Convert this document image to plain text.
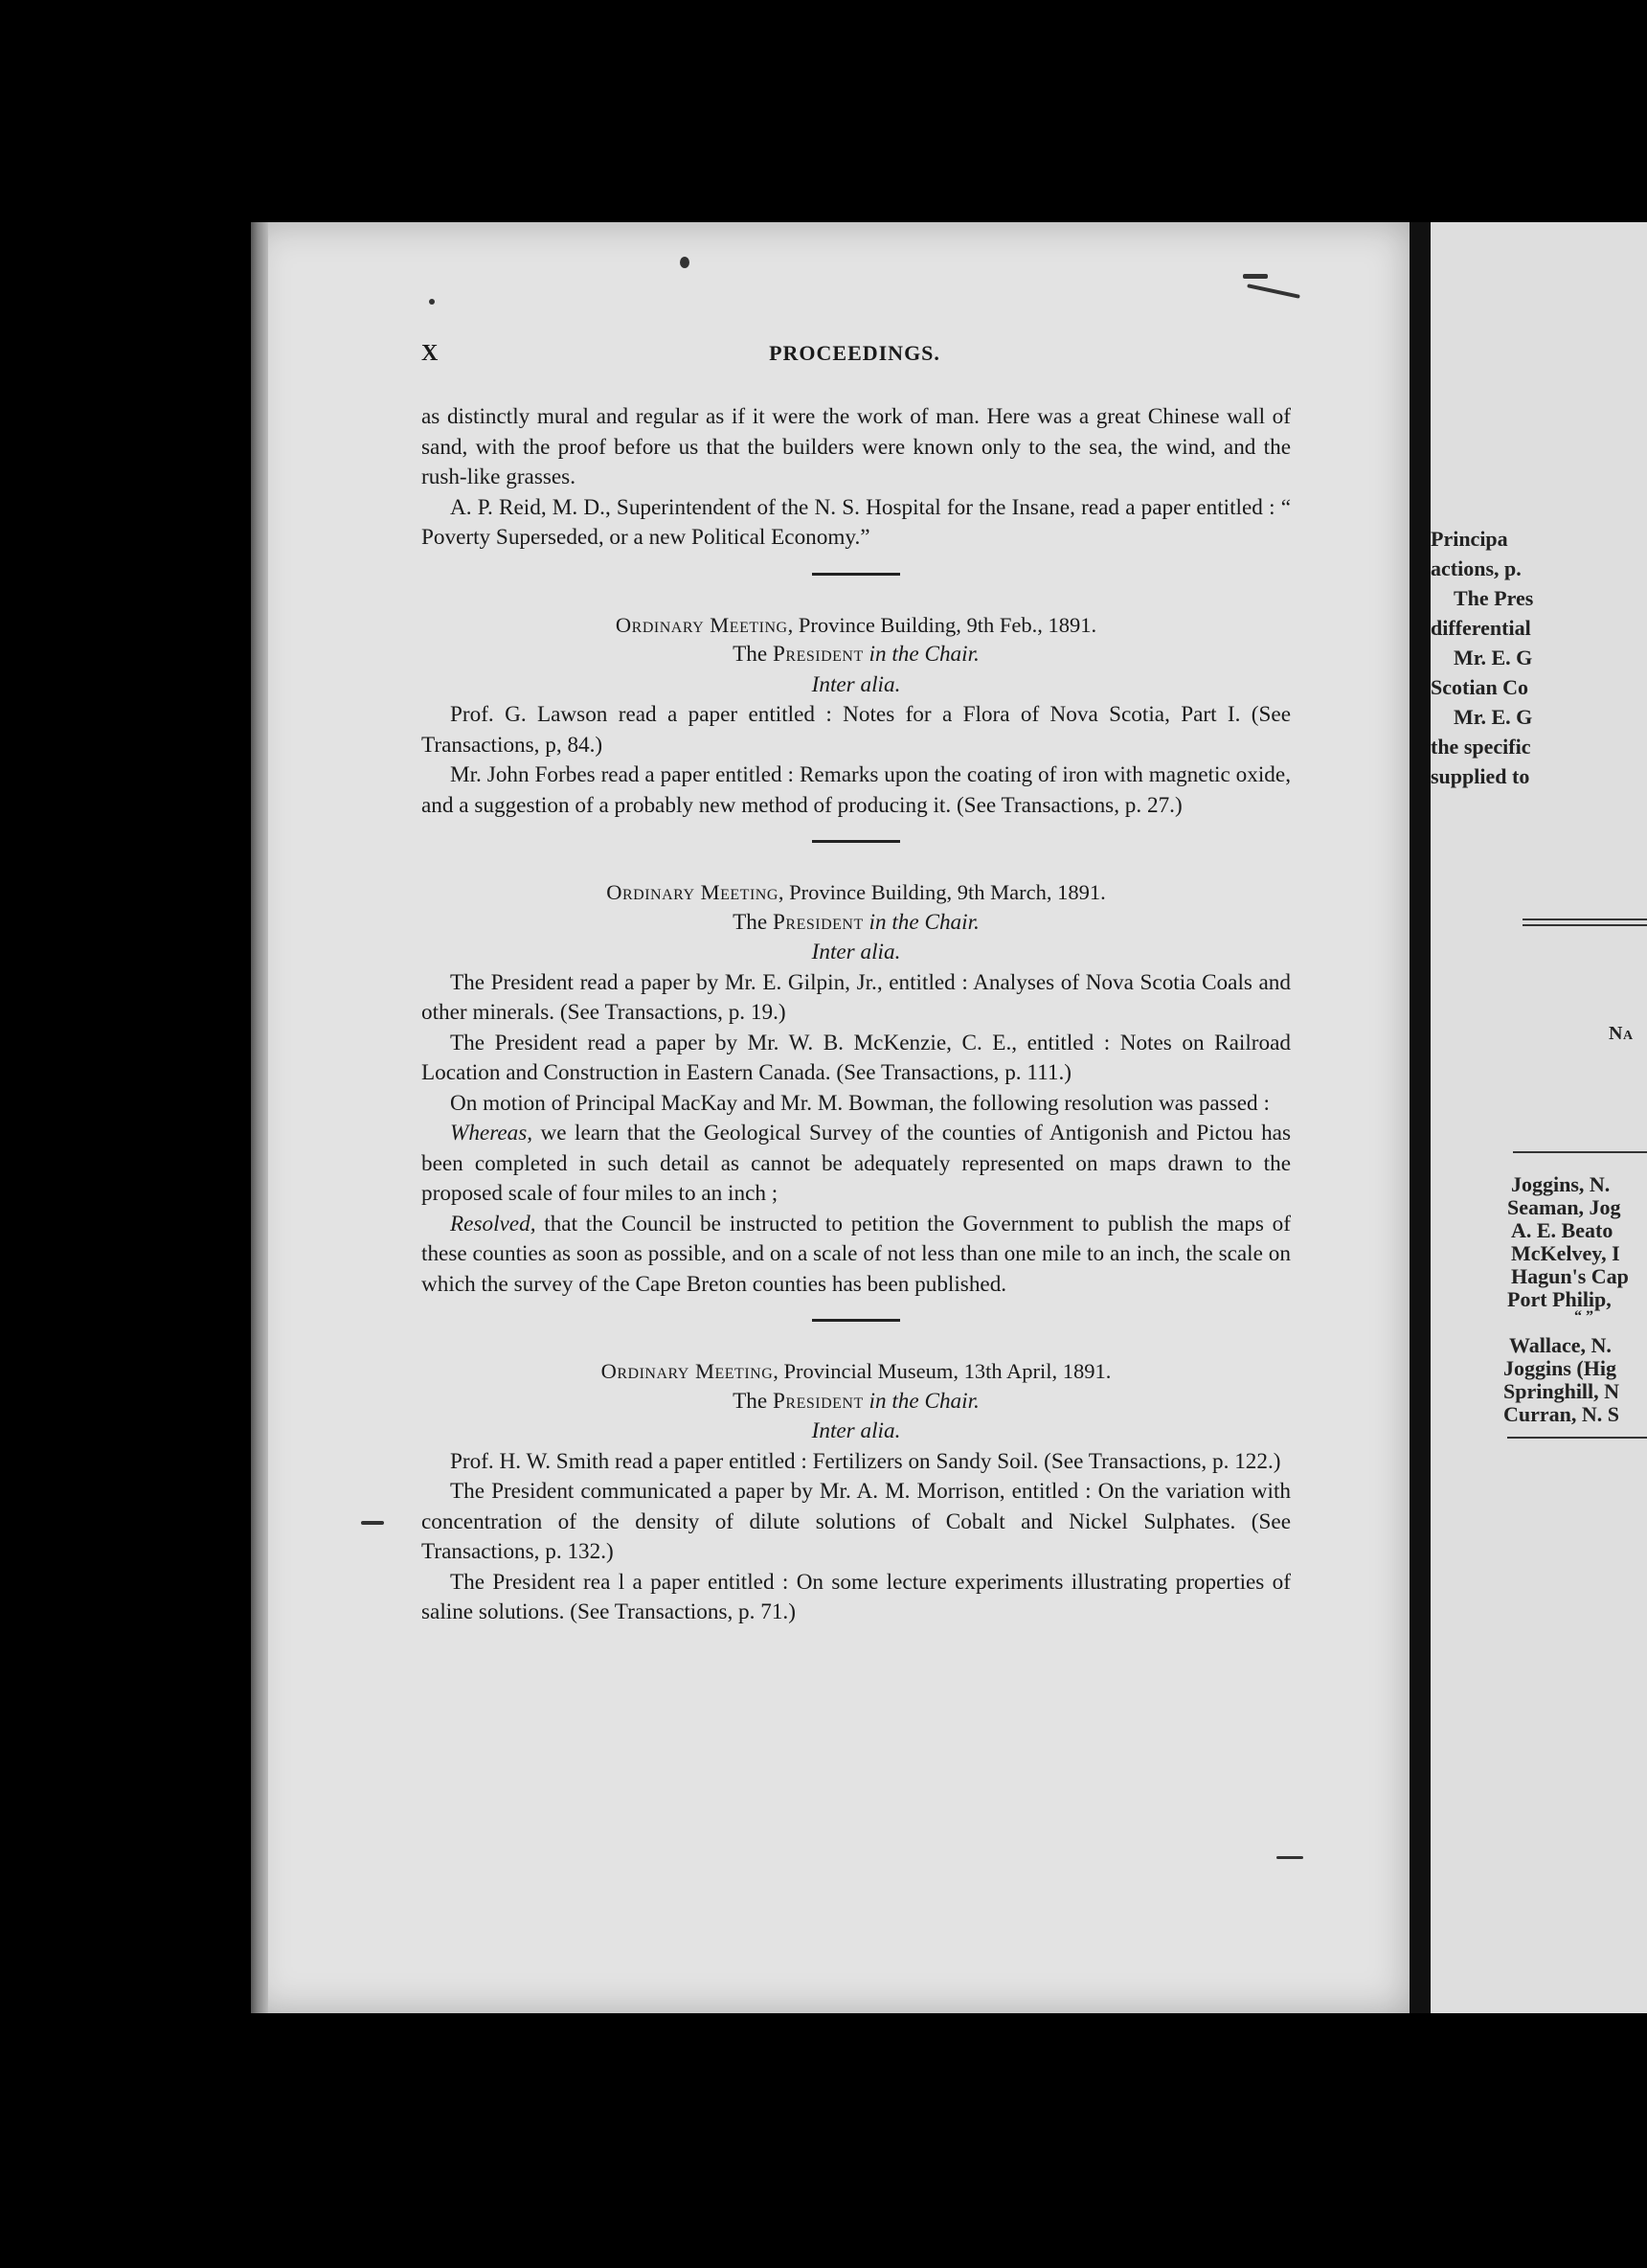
Principa
actions, p.
The Pres
differential
Mr. E. G
Scotian Co
Mr. E. G
the specific
supplied to
Na
Joggins, N.
Seaman, Jog
A. E. Beato
McKelvey, I
Hagun's Cap
Port Philip,
“ ”
Wallace, N.
Joggins (Hig
Springhill, N
Curran, N. S
X	PROCEEDINGS.

as distinctly mural and regular as if it were the work of man. Here was a great Chinese wall of sand, with the proof before us that the builders were known only to the sea, the wind, and the rush-like grasses.

A. P. Reid, M. D., Superintendent of the N. S. Hospital for the Insane, read a paper entitled : “ Poverty Superseded, or a new Political Economy.”

Ordinary Meeting, Province Building, 9th Feb., 1891.
The President in the Chair.
Inter alia.

Prof. G. Lawson read a paper entitled : Notes for a Flora of Nova Scotia, Part I. (See Transactions, p, 84.)

Mr. John Forbes read a paper entitled : Remarks upon the coating of iron with magnetic oxide, and a suggestion of a probably new method of producing it. (See Transactions, p. 27.)

Ordinary Meeting, Province Building, 9th March, 1891.
The President in the Chair.
Inter alia.

The President read a paper by Mr. E. Gilpin, Jr., entitled : Analyses of Nova Scotia Coals and other minerals. (See Transactions, p. 19.)

The President read a paper by Mr. W. B. McKenzie, C. E., entitled : Notes on Railroad Location and Construction in Eastern Canada. (See Transactions, p. 111.)

On motion of Principal MacKay and Mr. M. Bowman, the following resolution was passed :

Whereas, we learn that the Geological Survey of the counties of Antigonish and Pictou has been completed in such detail as cannot be adequately represented on maps drawn to the proposed scale of four miles to an inch ;

Resolved, that the Council be instructed to petition the Government to publish the maps of these counties as soon as possible, and on a scale of not less than one mile to an inch, the scale on which the survey of the Cape Breton counties has been published.

Ordinary Meeting, Provincial Museum, 13th April, 1891.
The President in the Chair.
Inter alia.

Prof. H. W. Smith read a paper entitled : Fertilizers on Sandy Soil. (See Transactions, p. 122.)

The President communicated a paper by Mr. A. M. Morrison, entitled : On the variation with concentration of the density of dilute solutions of Cobalt and Nickel Sulphates. (See Transactions, p. 132.)

The President rea l a paper entitled : On some lecture experiments illustrating properties of saline solutions. (See Transactions, p. 71.)
